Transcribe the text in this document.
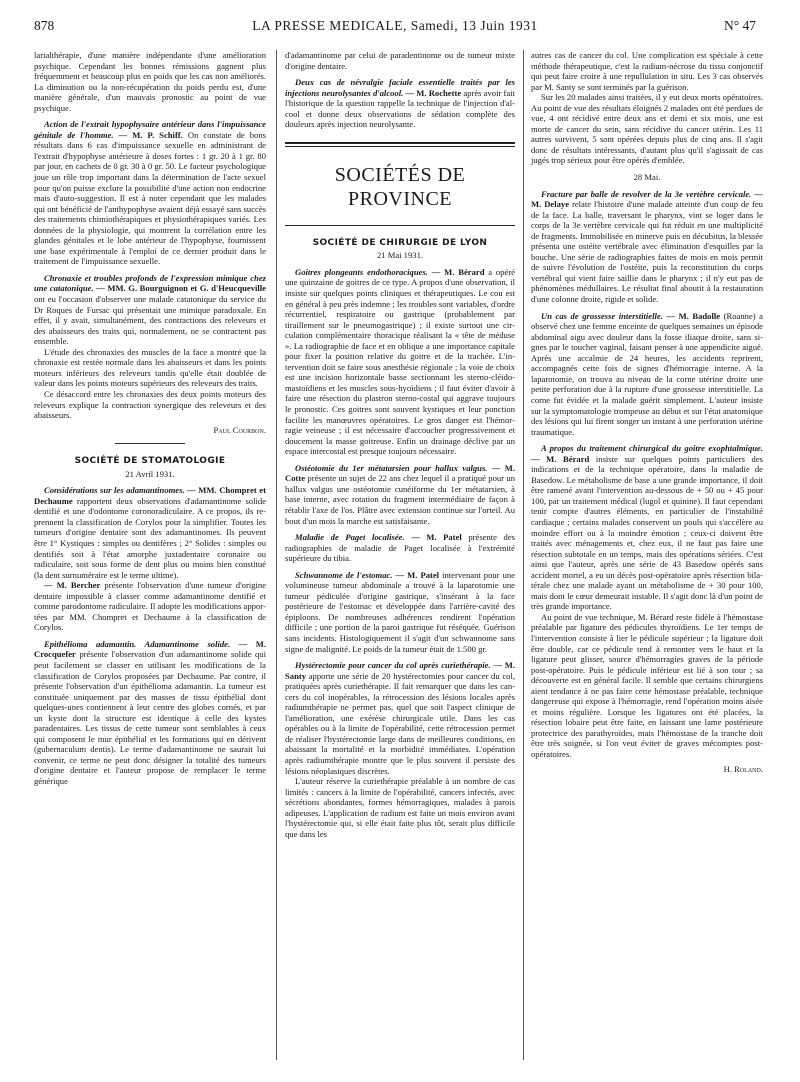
878	LA PRESSE MEDICALE, Samedi, 13 Juin 1931	N° 47

larialthérapie, d'une manière indépendante d'une amélioration psychique. Cependant les bonnes rémissions gagnent plus fréquemment et beaucoup plus en poids que les cas non améliorés. La diminution ou la non-récupération du poids perdu est, d'une manière générale, d'un mauvais pronostic au point de vue psychique.

Action de l'extrait hypophysaire antérieur dans l'impuissance génitale de l'homme. — M. P. Schiff. On constate de bons résultats dans 6 cas d'impuissance sexuelle en administrant de l'extrait d'hypophyse antérieure à doses fortes : 1 gr. 20 à 1 gr. 80 par jour, en cachets de 0 gr. 30 à 0 gr. 50. Le facteur psychologique joue un rôle trop important dans la détermination de l'acte sexuel pour qu'on puisse exclure la possibilité d'une action non endocrine mais d'auto-suggestion. Il est à noter cependant que les malades qui ont bénéficié de l'anthypophyse avaient déjà essayé sans succès des traitements chimiothérapiques et physiothérapiques variés. Les données de la physiologie, qui montrent la corrélation entre les glandes génitales et le lobe antérieur de l'hypophyse, fournissent une base expérimentale à l'emploi de ce dernier produit dans le traitement de l'impuissance sexuelle.

Chronaxie et troubles profonds de l'expression mimique chez une catatonique. — MM. G. Bourguignon et G. d'Heucqueville ont eu l'occasion d'observer une malade catatonique du service du Dr Roques de Fursac qui présentait une mimique paradoxale. En effet, il y avait, simultanément, des contractions des releveurs et des abaisseurs des traits qui, normalement, ne se contractent pas ensemble.

L'étude des chronaxies des muscles de la face a montré que la chronaxie est restée normale dans les abaisseurs et dans les points moteurs inférieurs des releveurs tandis qu'elle était doublée de valeur dans les points moteurs supérieurs des releveurs des traits.

Ce désaccord entre les chronaxies des deux points moteurs des releveurs explique la contraction synergique des releveurs et des abaisseurs.

Paul Courbon.

SOCIÉTÉ DE STOMATOLOGIE
21 Avril 1931.

Considérations sur les adamantinomes. — MM. Chompret et Dechaume rapportent deux observations d'adamantinome solide dentifié et une d'odontome coronoradiculaire. A ce propos, ils reprennent la classification de Corylos pour la simplifier. Toutes les tumeurs d'origine dentaire sont des adamantinomes. Ils peuvent être 1° Kystiques : simples ou dentifères ; 2° Solides : simples ou dentifiés soit à l'état amorphe juxtadentaire coronaire ou radiculaire, soit sous forme de dent plus ou moins bien constitué (la dent surnuméraire est le terme ultime).

— M. Bercher présente l'observation d'une tumeur d'origine dentaire impossible à classer comme adamantinome dentifié et comme parodontome radiculaire. Il adopte les modifications apportées par MM. Chompret et Dechaume à la classification de Corylos.

Epithélioma adamantin. Adamantinome solide. — M. Crocquefer présente l'observation d'un adamantinome solide qui peut facilement se classer en utilisant les modifications de la classification de Corylos proposées par Dechaume. Par contre, il présente l'observation d'un épithélioma adamantin. La tumeur est constituée uniquement par des masses de tissu épithélial dont quelques-unes contiennent à leur centre des globes cornés, et par un kyste dont la structure est identique à celle des kystes paradentaires. Les tissus de cette tumeur sont semblables à ceux qui composent le mur épithélial et les formations qui en dérivent (gubernaculum dentis). Le terme d'adamantinome ne saurait lui convenir, ce terme ne peut donc désigner la totalité des tumeurs d'origine dentaire et l'auteur propose de remplacer le terme générique

d'adamantinome par celui de paradentinome ou de tumeur mixte d'origine dentaire.

Deux cas de névralgie faciale essentielle traités par les injections neurolysantes d'alcool. — M. Rochette après avoir fait l'historique de la question rappelle la technique de l'injection d'alcool et donne deux observations de sédation complète des douleurs après injection neurolysante.

SOCIÉTÉS DE PROVINCE
SOCIÉTÉ DE CHIRURGIE DE LYON
21 Mai 1931.

Goitres plongeants endothoraciques. — M. Bérard a opéré une quinzaine de goitres de ce type. A propos d'une observation, il insiste sur quelques points cliniques et thérapeutiques. Le cou est en général à peu près indemne ; les troubles sont variables, d'ordre récurrentiel, respiratoire ou gastrique (probablement par tiraillement sur le pneumogastrique) ; il existe surtout une circulation complémentaire thoracique réalisant la « tête de méduse ». La radiographie de face et en oblique a une importance capitale pour fixer la position relative du goitre et de la trachée. L'intervention doit se faire sous anesthésie régionale ; la voie de choix est une incision horizontale basse sectionnant les sterno-cléido-mastoïdiens et les muscles sous-hyoïdiens ; il faut éviter d'avoir à faire une résection du plastron sterno-costal qui aggrave toujours le pronostic. Ces goitres sont souvent kystiques et leur ponction facilite les manœuvres opératoires. Le gros danger est l'hémorragie veineuse ; il est nécessaire d'accoucher progressivement et doucement la masse goitreuse. Enfin un drainage déclive par un espace intercostal est presque toujours nécessaire.

Ostéotomie du 1er métatarsien pour hallux valgus. — M. Cotte présente un sujet de 22 ans chez lequel il a pratiqué pour un hallux valgus une ostéotomie cunéiforme du 1er métatarsien, à base interne, avec rotation du fragment intermédiaire de façon à rétablir l'axe de l'os. Plâtre avec extension continue sur l'orteil. Au bout d'un mois la marche est satisfaisante.

Maladie de Paget localisée. — M. Patel présente des radiographies de maladie de Paget localisée à l'extrémité supérieure du tibia.

Schwannome de l'estomac. — M. Patel intervenant pour une volumineuse tumeur abdominale a trouvé à la laparotomie une tumeur pédiculée d'origine gastrique, s'insérant à la face postérieure de l'estomac et développée dans l'arrière-cavité des épiploons. De nombreuses adhérences rendirent l'opération difficile ; une portion de la paroi gastrique fut réséquée. Guérison sans incidents. Histologiquement il s'agit d'un schwannome sans signe de malignité. Le poids de la tumeur était de 1.500 gr.

Hystérectomie pour cancer du col après curiethérapie. — M. Santy apporte une série de 20 hystérectomies pour cancer du col, pratiquées après curiethérapie. Il fait remarquer que dans les cancers du col inopérables, la rétrocession des lésions locales après radiumthérapie ne permet pas, quel que soit l'aspect clinique de l'amélioration, une exérèse chirurgicale utile. Dans les cas opérables ou à la limite de l'opérabilité, cette rétrocession permet de réaliser l'hystérectomie large dans de meilleures conditions, en abaissant la mortalité et la morbidité immédiates. L'opération après radiumthérapie montre que le plus souvent il persiste des lésions néoplasiques discrètes.

L'auteur réserve la curiethérapie préalable à un nombre de cas limités : cancers à la limite de l'opérabilité, cancers infectés, avec sécrétions abondantes, formes hémorragiques, malades à parois adipeuses. L'application de radium est faite un mois environ avant l'hystérectomie qui, si elle était faite plus tôt, serait plus difficile que dans les

autres cas de cancer du col. Une complication est spéciale à cette méthode thérapeutique, c'est la radium-nécrose du tissu conjonctif qui peut faire croire à une repullulation in situ. Les 3 cas observés par M. Santy se sont terminés par la guérison.

Sur les 20 malades ainsi traitées, il y eut deux morts opératoires. Au point de vue des résultats éloignés 2 malades ont été perdues de vue, 4 ont récidivé entre deux ans et demi et six mois, une est morte de cancer du sein, sans récidive du cancer utérin. Les 11 autres survivent, 5 sont opérées depuis plus de cinq ans. Il s'agit donc de résultats intéressants, d'autant plus qu'il s'agissait de cas jugés trop sérieux pour être opérés d'emblée.

28 Mai.

Fracture par balle de revolver de la 3e vertèbre cervicale. — M. Delaye relate l'histoire d'une malade atteinte d'un coup de feu de la face. La balle, traversant le pharynx, vint se loger dans le corps de la 3e vertèbre cervicale qui fut réduit en une multiplicité de fragments. Immobilisée en minerve puis en décubitus, la blessée présenta une ostéite vertébrale avec élimination d'esquilles par la bouche. Une série de radiographies faites de mois en mois permit de suivre l'évolution de l'ostéite, puis la reconstitution du corps vertébral qui vient faire saillie dans le pharynx ; il n'y eut pas de phénomènes médullaires. Le résultat final aboutit à la restauration d'une colonne droite, rigide et solide.

Un cas de grossesse interstitielle. — M. Badolle (Roanne) a observé chez une femme enceinte de quelques semaines un épisode abdominal aigu avec douleur dans la fosse iliaque droite, sans signes par le toucher vaginal, faisant penser à une appendicite aiguë. Après une accalmie de 24 heures, les accidents reprirent, accompagnés cette fois de signes d'hémorragie interne. A la laparotomie, on trouva au niveau de la corne utérine droite une petite perforation due à la rupture d'une grossesse interstitielle. La corne fut évidée et la malade guérit simplement. L'auteur insiste sur la symptomatologie trompeuse au début et sur l'état anatomique des lésions qui lui firent songer un instant à une perforation utérine traumatique.

A propos du traitement chirurgical du goitre exophtalmique. — M. Bérard insiste sur quelques points particuliers des indications et de la technique opératoire, dans la maladie de Basedow. Le métabolisme de base a une grande importance, il doit être ramené avant l'intervention au-dessous de + 50 ou + 45 pour 100, par un traitement médical (lugol et quinine). Il faut cependant tenir compte d'autres éléments, en particulier de l'instabilité cardiaque ; certains malades conservent un pouls qui s'accélère au moindre effort ou à la moindre émotion ; ceux-ci doivent être traités avec ménagements et, chez eux, il ne faut pas faire une résection subtotale en un temps, mais des opérations sériées. C'est ainsi que l'auteur, après une série de 43 Basedow opérés sans accident mortel, a eu un décès post-opératoire après résection bilatérale chez une malade ayant un métabolisme de + 30 pour 100, mais dont le cœur demeurait instable. Il s'agit donc là d'un point de très grande importance.

Au point de vue technique, M. Bérard reste fidèle à l'hémostase préalable par ligature des pédicules thyroïdiens. Le 1er temps de l'intervention consiste à lier le pédicule supérieur ; la ligature doit être double, car ce pédicule tend à remonter vers le haut et la ligature peut glisser, source d'hémorragies graves de la période post-opératoire. Puis le pédicule inférieur est lié à son tour ; sa découverte est en général facile. Il semble que certains chirurgiens aient tendance à ne pas faire cette hémostase préalable, technique dangereuse qui expose à l'hémorragie, rend l'opération moins aisée et moins régulière. Lorsque les ligatures ont été placées, la résection lobaire peut être faite, en laissant une lame postérieure protectrice des parathyroïdes, mais l'hémostase de la tranche doit être très soignée, si l'on veut éviter de graves mécomptes post-opératoires.

H. Roland.
